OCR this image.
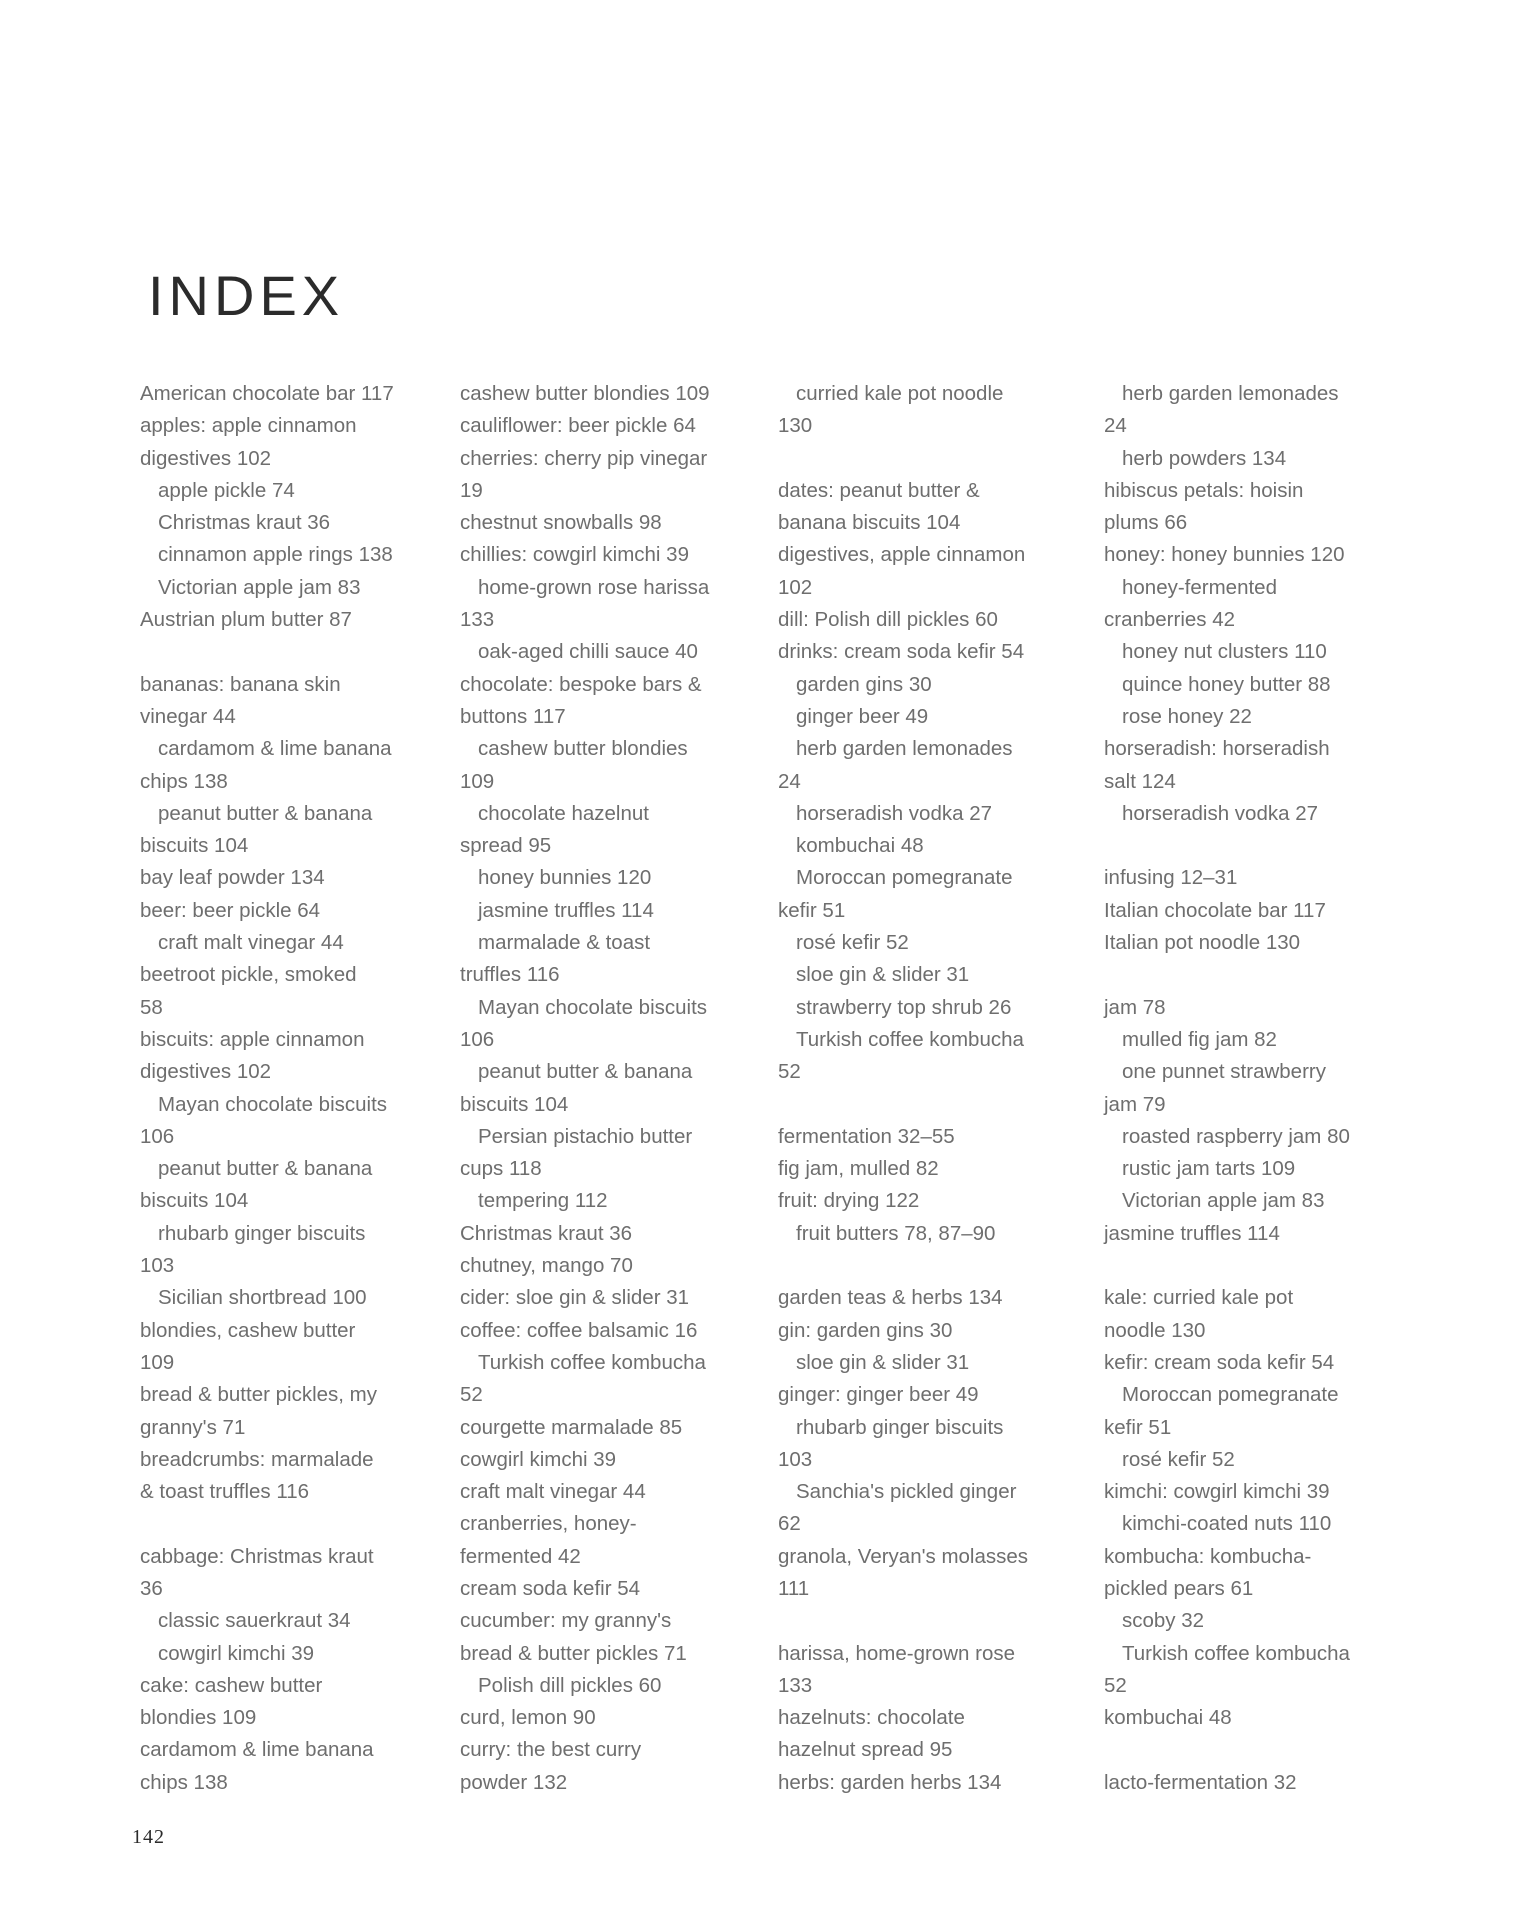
INDEX
American chocolate bar 117
apples: apple cinnamon
digestives 102
apple pickle 74
Christmas kraut 36
cinnamon apple rings 138
Victorian apple jam 83
Austrian plum butter 87
bananas: banana skin
vinegar 44
cardamom & lime banana
chips 138
peanut butter & banana
biscuits 104
bay leaf powder 134
beer: beer pickle 64
craft malt vinegar 44
beetroot pickle, smoked
58
biscuits: apple cinnamon
digestives 102
Mayan chocolate biscuits
106
peanut butter & banana
biscuits 104
rhubarb ginger biscuits
103
Sicilian shortbread 100
blondies, cashew butter
109
bread & butter pickles, my
granny's 71
breadcrumbs: marmalade
& toast truffles 116
cabbage: Christmas kraut
36
classic sauerkraut 34
cowgirl kimchi 39
cake: cashew butter
blondies 109
cardamom & lime banana
chips 138
cashew butter blondies 109
cauliflower: beer pickle 64
cherries: cherry pip vinegar
19
chestnut snowballs 98
chillies: cowgirl kimchi 39
home-grown rose harissa
133
oak-aged chilli sauce 40
chocolate: bespoke bars &
buttons 117
cashew butter blondies
109
chocolate hazelnut
spread 95
honey bunnies 120
jasmine truffles 114
marmalade & toast
truffles 116
Mayan chocolate biscuits
106
peanut butter & banana
biscuits 104
Persian pistachio butter
cups 118
tempering 112
Christmas kraut 36
chutney, mango 70
cider: sloe gin & slider 31
coffee: coffee balsamic 16
Turkish coffee kombucha
52
courgette marmalade 85
cowgirl kimchi 39
craft malt vinegar 44
cranberries, honey-
fermented 42
cream soda kefir 54
cucumber: my granny's
bread & butter pickles 71
Polish dill pickles 60
curd, lemon 90
curry: the best curry
powder 132
curried kale pot noodle
130
dates: peanut butter &
banana biscuits 104
digestives, apple cinnamon
102
dill: Polish dill pickles 60
drinks: cream soda kefir 54
garden gins 30
ginger beer 49
herb garden lemonades
24
horseradish vodka 27
kombuchai 48
Moroccan pomegranate
kefir 51
rosé kefir 52
sloe gin & slider 31
strawberry top shrub 26
Turkish coffee kombucha
52
fermentation 32–55
fig jam, mulled 82
fruit: drying 122
fruit butters 78, 87–90
garden teas & herbs 134
gin: garden gins 30
sloe gin & slider 31
ginger: ginger beer 49
rhubarb ginger biscuits
103
Sanchia's pickled ginger
62
granola, Veryan's molasses
111
harissa, home-grown rose
133
hazelnuts: chocolate
hazelnut spread 95
herbs: garden herbs 134
herb garden lemonades
24
herb powders 134
hibiscus petals: hoisin
plums 66
honey: honey bunnies 120
honey-fermented
cranberries 42
honey nut clusters 110
quince honey butter 88
rose honey 22
horseradish: horseradish
salt 124
horseradish vodka 27
infusing 12–31
Italian chocolate bar 117
Italian pot noodle 130
jam 78
mulled fig jam 82
one punnet strawberry
jam 79
roasted raspberry jam 80
rustic jam tarts 109
Victorian apple jam 83
jasmine truffles 114
kale: curried kale pot
noodle 130
kefir: cream soda kefir 54
Moroccan pomegranate
kefir 51
rosé kefir 52
kimchi: cowgirl kimchi 39
kimchi-coated nuts 110
kombucha: kombucha-
pickled pears 61
scoby 32
Turkish coffee kombucha
52
kombuchai 48
lacto-fermentation 32
142
